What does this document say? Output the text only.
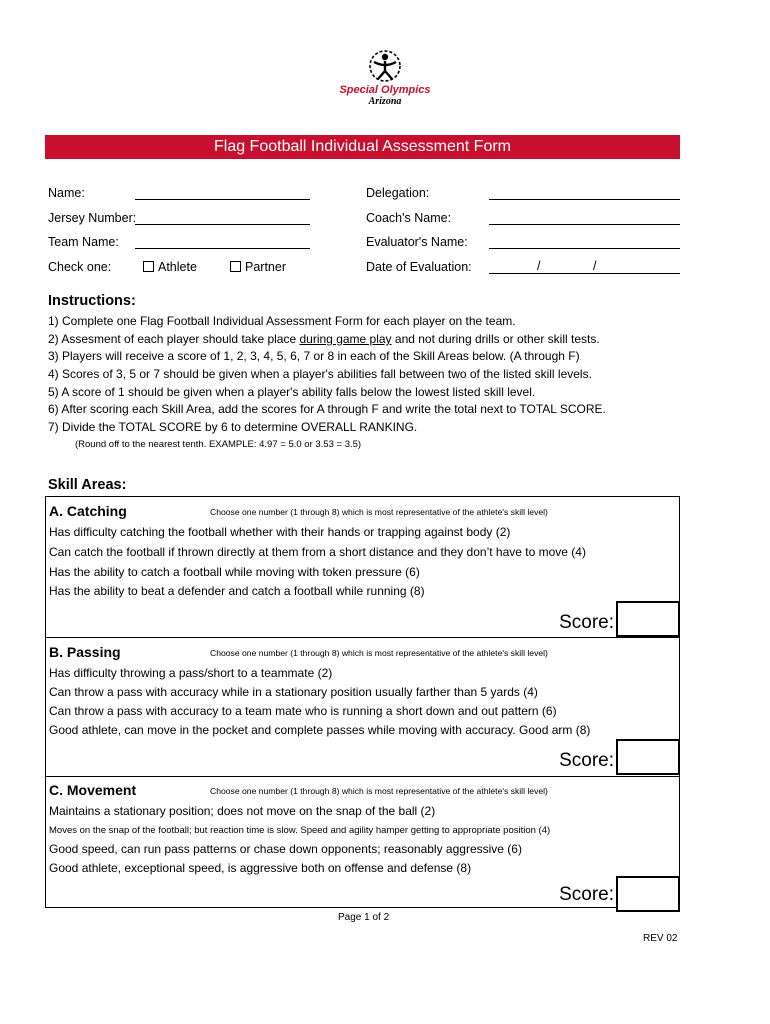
Special Olympics
Arizona
Flag Football Individual Assessment Form
Name:
Jersey Number:
Team Name:
Check one:	Athlete	Partner
Delegation:
Coach's Name:
Evaluator's Name:
Date of Evaluation:	/	/
Instructions:
1) Complete one Flag Football Individual Assessment Form for each player on the team.
2) Assesment of each player should take place during game play and not during drills or other skill tests.
3) Players will receive a score of 1, 2, 3, 4, 5, 6, 7 or 8 in each of the Skill Areas below. (A through F)
4) Scores of 3, 5 or 7 should be given when a player's abilities fall between two of the listed skill levels.
5) A score of 1 should be given when a player's ability falls below the lowest listed skill level.
6) After scoring each Skill Area, add the scores for A through F and write the total next to TOTAL SCORE.
7) Divide the TOTAL SCORE by 6 to determine OVERALL RANKING.
(Round off to the nearest tenth. EXAMPLE: 4.97 = 5.0 or 3.53 = 3.5)
Skill Areas:
A. Catching	Choose one number (1 through 8) which is most representative of the athlete's skill level)
Has difficulty catching the football whether with their hands or trapping against body (2)
Can catch the football if thrown directly at them from a short distance and they don’t have to move (4)
Has the ability to catch a football while moving with token pressure (6)
Has the ability to beat a defender and catch a football while running (8)
Score:
B. Passing	Choose one number (1 through 8) which is most representative of the athlete's skill level)
Has difficulty throwing a pass/short to a teammate (2)
Can throw a pass with accuracy while in a stationary position usually farther than 5 yards (4)
Can throw a pass with accuracy to a team mate who is running a short down and out pattern (6)
Good athlete, can move in the pocket and complete passes while moving with accuracy. Good arm (8)
Score:
C. Movement	Choose one number (1 through 8) which is most representative of the athlete's skill level)
Maintains a stationary position; does not move on the snap of the ball (2)
Moves on the snap of the football; but reaction time is slow. Speed and agility hamper getting to appropriate position (4)
Good speed, can run pass patterns or chase down opponents; reasonably aggressive (6)
Good athlete, exceptional speed, is aggressive both on offense and defense (8)
Score:
Page 1 of 2
REV 02
